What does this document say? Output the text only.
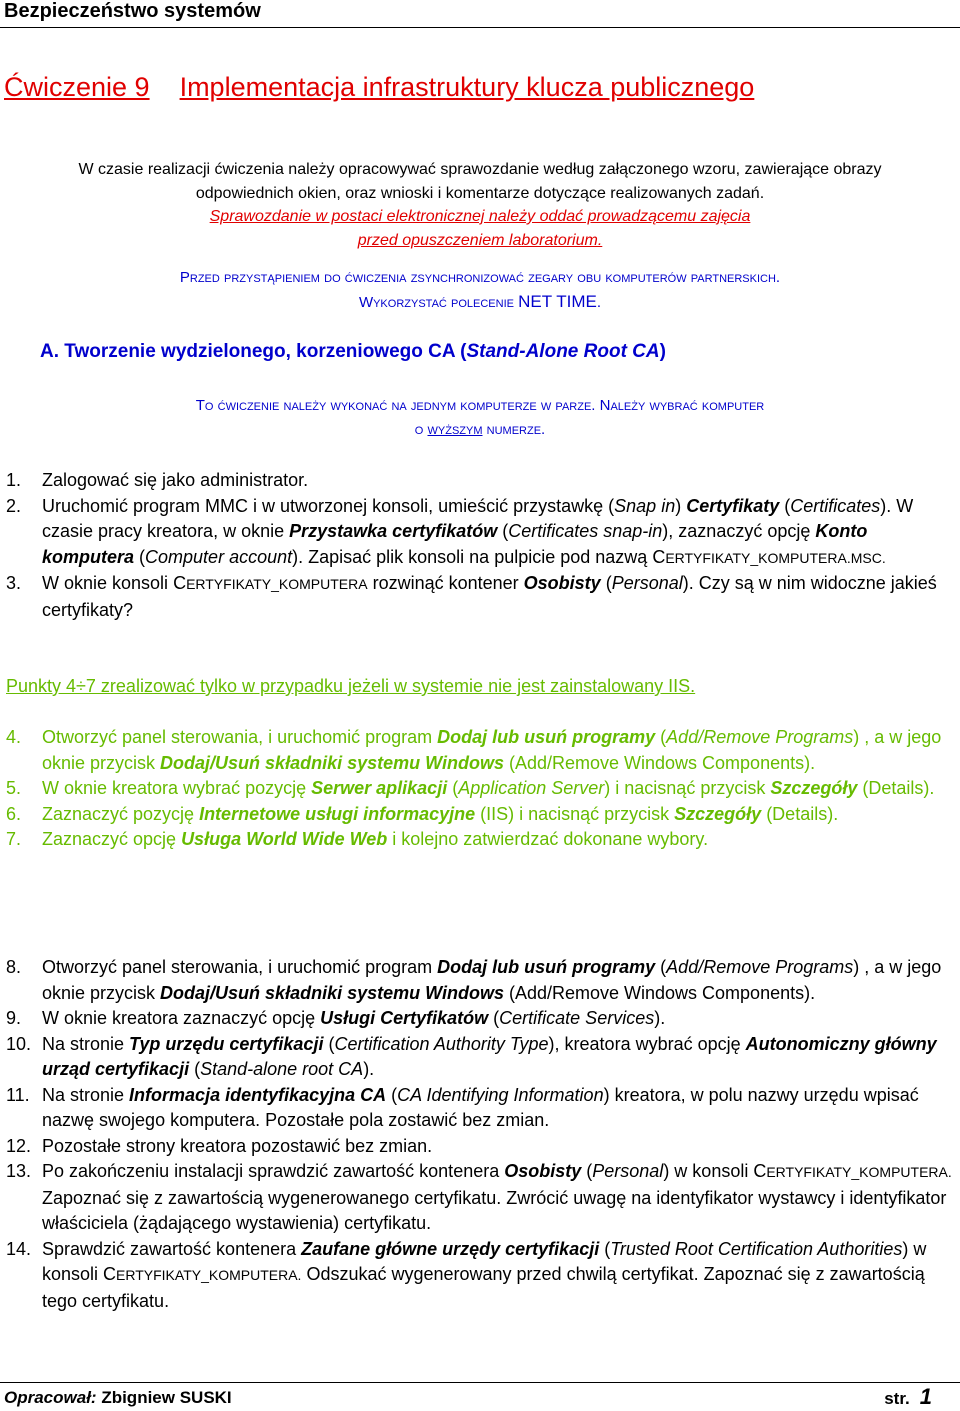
Bezpieczeństwo systemów
Ćwiczenie 9 Implementacja infrastruktury klucza publicznego
W czasie realizacji ćwiczenia należy opracowywać sprawozdanie według załączonego wzoru, zawierające obrazy
odpowiednich okien, oraz wnioski i komentarze dotyczące realizowanych zadań.
Sprawozdanie w postaci elektronicznej należy oddać prowadzącemu zajęcia
przed opuszczeniem laboratorium.
Przed przystąpieniem do ćwiczenia zsynchronizować zegary obu komputerów partnerskich.
Wykorzystać polecenie NET TIME.
A. Tworzenie wydzielonego, korzeniowego CA (Stand-Alone Root CA)
To ćwiczenie należy wykonać na jednym komputerze w parze. Należy wybrać komputer
o wyższym numerze.
1.	Zalogować się jako administrator.
2.	Uruchomić program MMC i w utworzonej konsoli, umieścić przystawkę (Snap in) Certyfikaty (Certificates). W czasie pracy kreatora, w oknie Przystawka certyfikatów (Certificates snap-in), zaznaczyć opcję Konto komputera (Computer account). Zapisać plik konsoli na pulpicie pod nazwą CERTYFIKATY_KOMPUTERA.MSC.
3.	W oknie konsoli CERTYFIKATY_KOMPUTERA rozwinąć kontener Osobisty (Personal). Czy są w nim widoczne jakieś certyfikaty?
Punkty 4÷7 zrealizować tylko w przypadku jeżeli w systemie nie jest zainstalowany IIS.
4.	Otworzyć panel sterowania, i uruchomić program Dodaj lub usuń programy (Add/Remove Programs) , a w jego oknie przycisk Dodaj/Usuń składniki systemu Windows (Add/Remove Windows Components).
5.	W oknie kreatora wybrać pozycję Serwer aplikacji (Application Server) i nacisnąć przycisk Szczegóły (Details).
6.	Zaznaczyć pozycję Internetowe usługi informacyjne (IIS) i nacisnąć przycisk Szczegóły (Details).
7.	Zaznaczyć opcję Usługa World Wide Web i kolejno zatwierdzać dokonane wybory.
8.	Otworzyć panel sterowania, i uruchomić program Dodaj lub usuń programy (Add/Remove Programs) , a w jego oknie przycisk Dodaj/Usuń składniki systemu Windows (Add/Remove Windows Components).
9.	W oknie kreatora zaznaczyć opcję Usługi Certyfikatów (Certificate Services).
10. Na stronie Typ urzędu certyfikacji (Certification Authority Type), kreatora wybrać opcję Autonomiczny główny urząd certyfikacji (Stand-alone root CA).
11. Na stronie Informacja identyfikacyjna CA (CA Identifying Information) kreatora, w polu nazwy urzędu wpisać nazwę swojego komputera. Pozostałe pola zostawić bez zmian.
12. Pozostałe strony kreatora pozostawić bez zmian.
13. Po zakończeniu instalacji sprawdzić zawartość kontenera Osobisty (Personal) w konsoli CERTYFIKATY_KOMPUTERA. Zapoznać się z zawartością wygenerowanego certyfikatu. Zwrócić uwagę na identyfikator wystawcy i identyfikator właściciela (żądającego wystawienia) certyfikatu.
14. Sprawdzić zawartość kontenera Zaufane główne urzędy certyfikacji (Trusted Root Certification Authorities) w konsoli CERTYFIKATY_KOMPUTERA. Odszukać wygenerowany przed chwilą certyfikat. Zapoznać się z zawartością tego certyfikatu.
Opracował: Zbigniew SUSKI	str. 1
